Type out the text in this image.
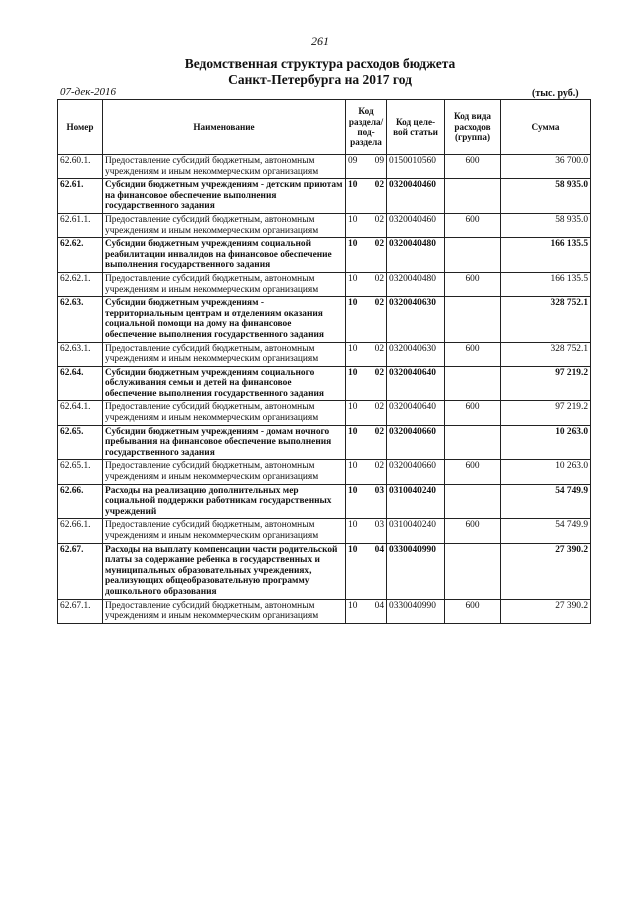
261
Ведомственная структура расходов бюджета
Санкт-Петербурга на 2017 год
07-дек-2016	(тыс. руб.)
Номер	Наименование	Код раздела/ под- раздела		Код целе- вой статьи	Код вида расходов (группа)	Сумма
62.60.1.	Предоставление субсидий бюджетным, автономным учреждениям и иным некоммерческим организациям	09	09	0150010560	600	36 700.0
62.61.	Субсидии бюджетным учреждениям - детским приютам на финансовое обеспечение выполнения государственного задания	10	02	0320040460		58 935.0
62.61.1.	Предоставление субсидий бюджетным, автономным учреждениям и иным некоммерческим организациям	10	02	0320040460	600	58 935.0
62.62.	Субсидии бюджетным учреждениям социальной реабилитации инвалидов на финансовое обеспечение выполнения государственного задания	10	02	0320040480		166 135.5
62.62.1.	Предоставление субсидий бюджетным, автономным учреждениям и иным некоммерческим организациям	10	02	0320040480	600	166 135.5
62.63.	Субсидии бюджетным учреждениям - территориальным центрам и отделениям оказания социальной помощи на дому на финансовое обеспечение выполнения государственного задания	10	02	0320040630		328 752.1
62.63.1.	Предоставление субсидий бюджетным, автономным учреждениям и иным некоммерческим организациям	10	02	0320040630	600	328 752.1
62.64.	Субсидии бюджетным учреждениям социального обслуживания семьи и детей на финансовое обеспечение выполнения государственного задания	10	02	0320040640		97 219.2
62.64.1.	Предоставление субсидий бюджетным, автономным учреждениям и иным некоммерческим организациям	10	02	0320040640	600	97 219.2
62.65.	Субсидии бюджетным учреждениям - домам ночного пребывания на финансовое обеспечение выполнения государственного задания	10	02	0320040660		10 263.0
62.65.1.	Предоставление субсидий бюджетным, автономным учреждениям и иным некоммерческим организациям	10	02	0320040660	600	10 263.0
62.66.	Расходы на реализацию дополнительных мер социальной поддержки работникам государственных учреждений	10	03	0310040240		54 749.9
62.66.1.	Предоставление субсидий бюджетным, автономным учреждениям и иным некоммерческим организациям	10	03	0310040240	600	54 749.9
62.67.	Расходы на выплату компенсации части родительской платы за содержание ребенка в государственных и муниципальных образовательных учреждениях, реализующих общеобразовательную программу дошкольного образования	10	04	0330040990		27 390.2
62.67.1.	Предоставление субсидий бюджетным, автономным учреждениям и иным некоммерческим организациям	10	04	0330040990	600	27 390.2
